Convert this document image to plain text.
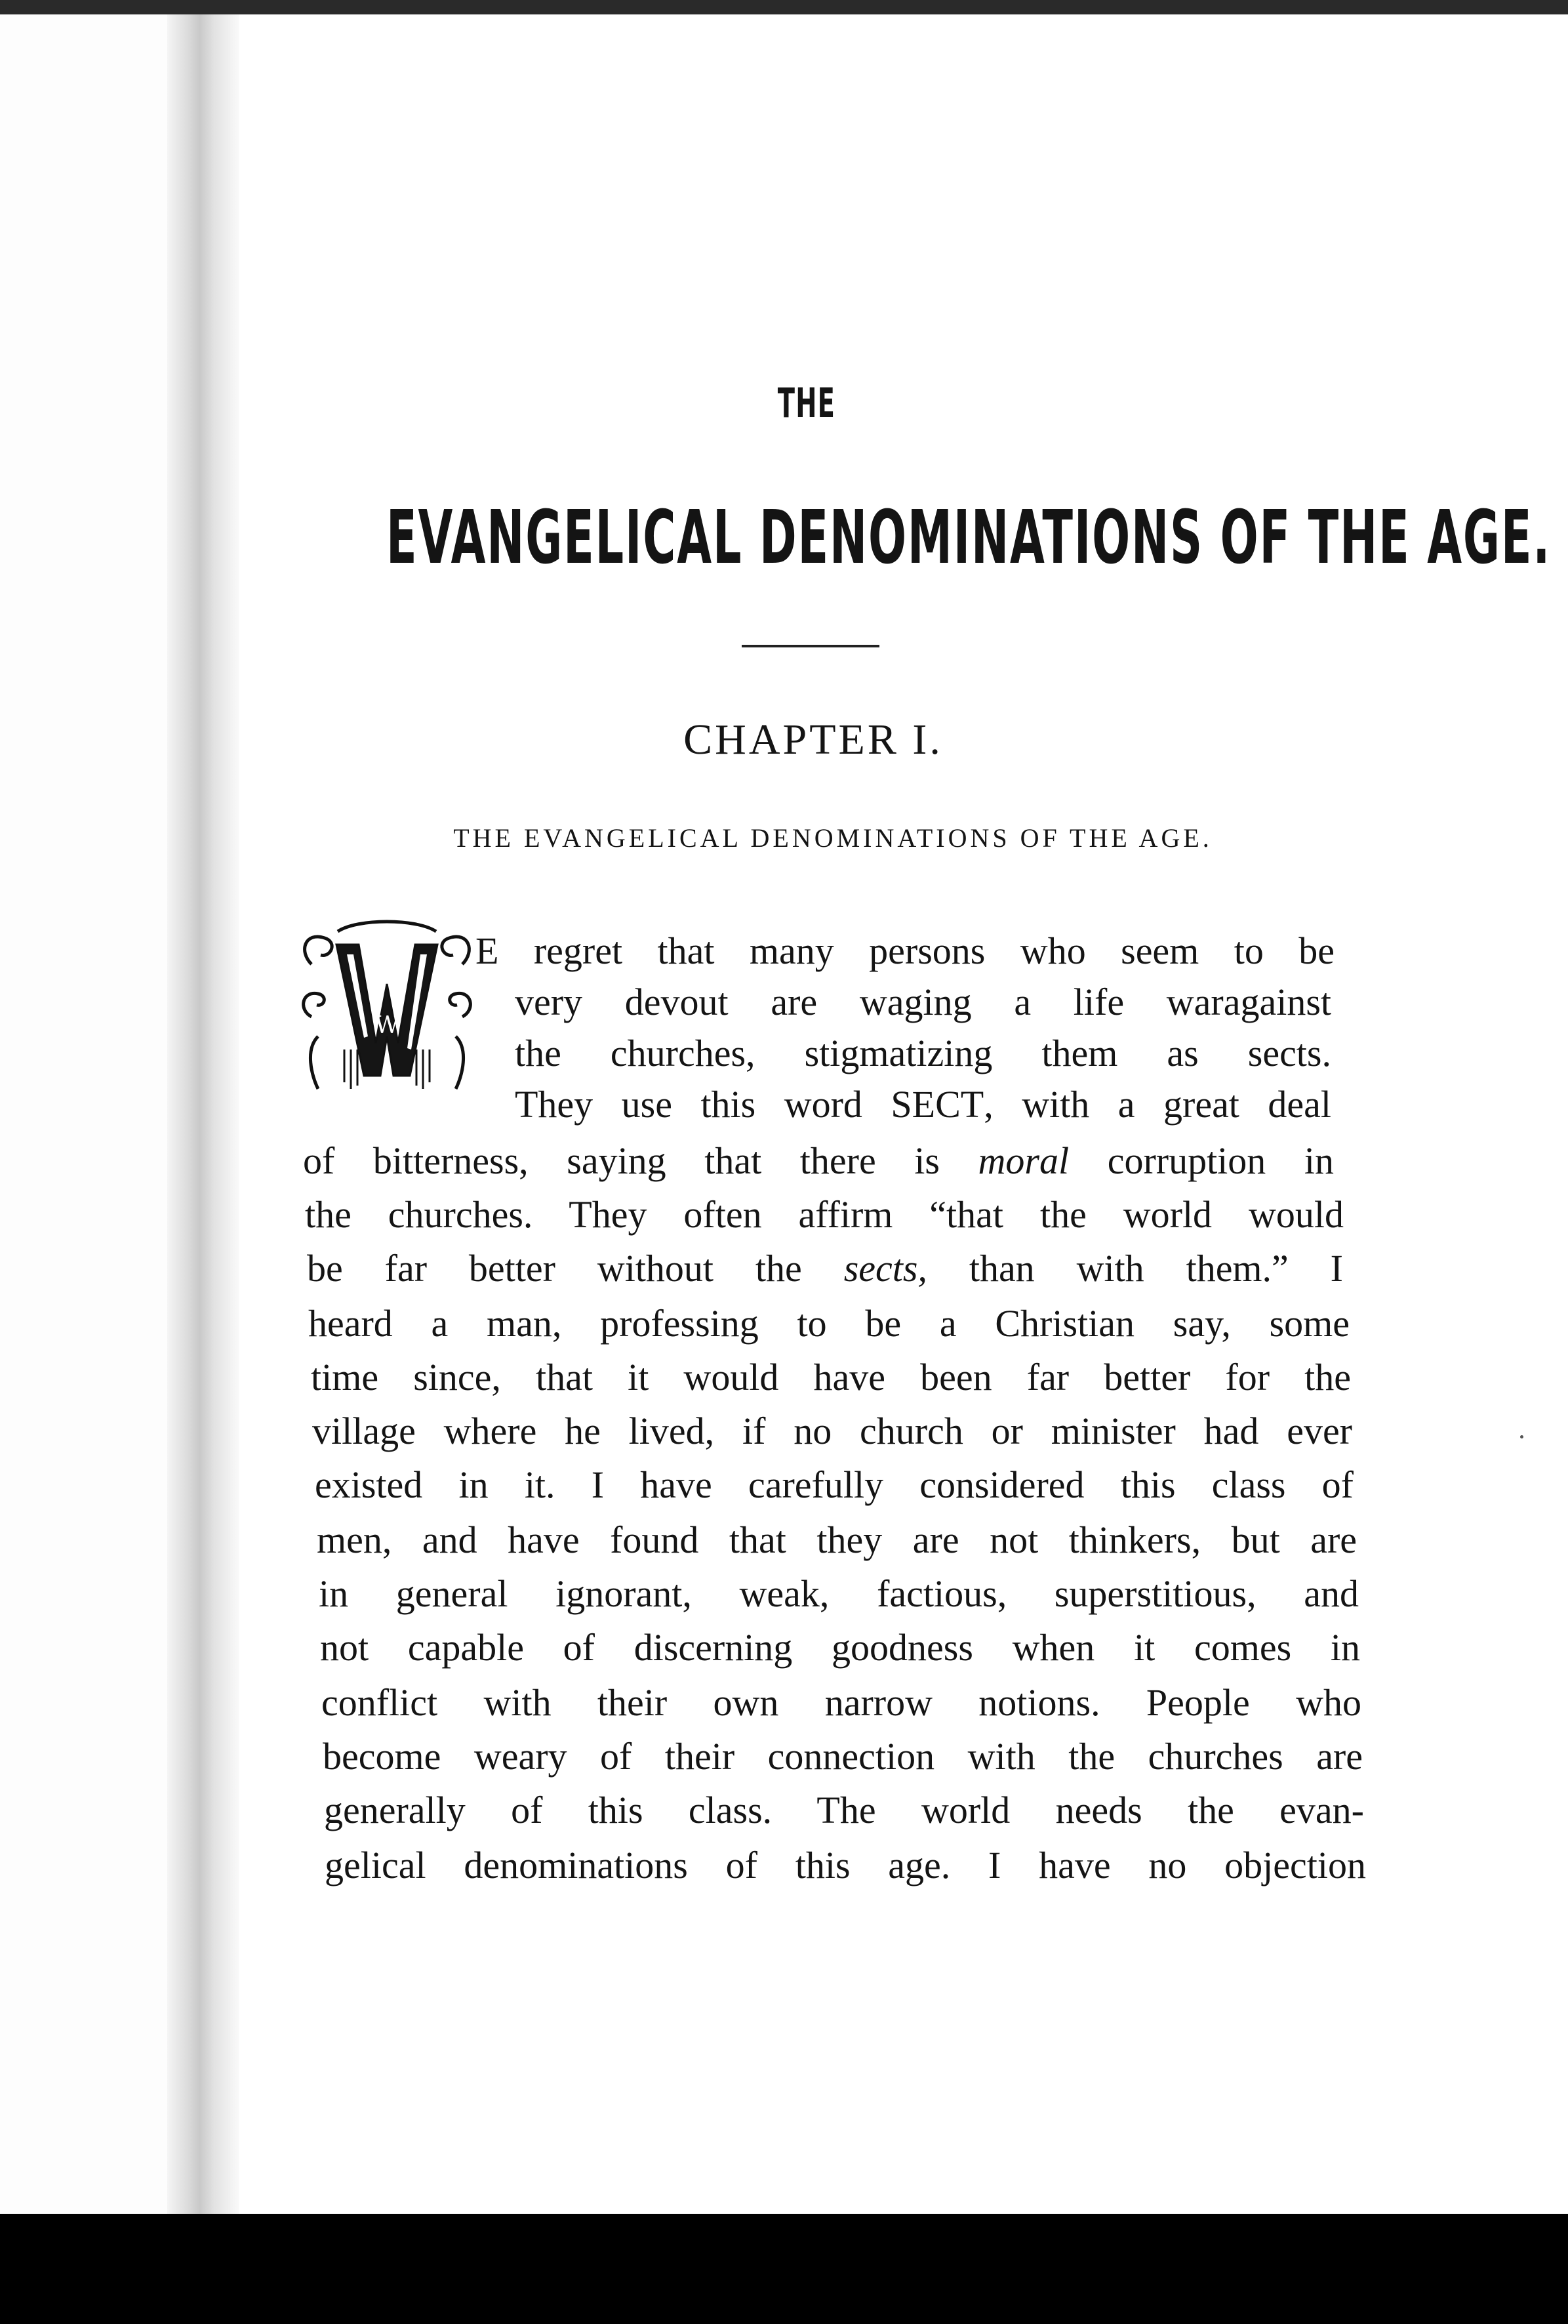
THE
EVANGELICAL DENOMINATIONS OF THE AGE.
CHAPTER I.
THE EVANGELICAL DENOMINATIONS OF THE AGE.
W
E regret that many persons who seem to be
very devout are waging a life waragainst
the churches, stigmatizing them as sects.
They use this word SECT, with a great deal
of bitterness, saying that there is moral corruption in
the churches. They often affirm “that the world would
be far better without the sects, than with them.” I
heard a man, professing to be a Christian say, some
time since, that it would have been far better for the
village where he lived, if no church or minister had ever
existed in it. I have carefully considered this class of
men, and have found that they are not thinkers, but are
in general ignorant, weak, factious, superstitious, and
not capable of discerning goodness when it comes in
conflict with their own narrow notions. People who
become weary of their connection with the churches are
generally of this class. The world needs the evan-
gelical denominations of this age. I have no objection
